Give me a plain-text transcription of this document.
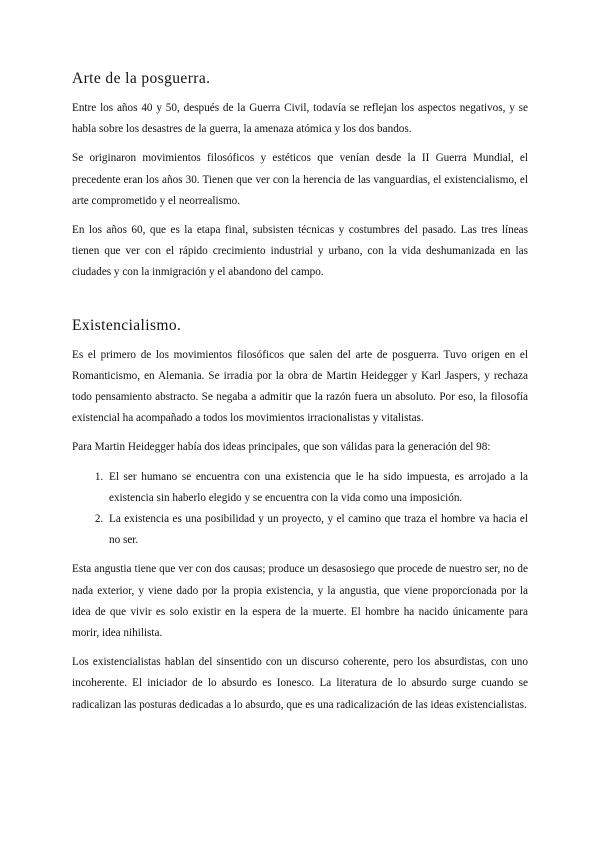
Arte de la posguerra.

Entre los años 40 y 50, después de la Guerra Civil, todavía se reflejan los aspectos negativos, y se habla sobre los desastres de la guerra, la amenaza atómica y los dos bandos.

Se originaron movimientos filosóficos y estéticos que venían desde la II Guerra Mundial, el precedente eran los años 30. Tienen que ver con la herencia de las vanguardias, el existencialismo, el arte comprometido y el neorrealismo.

En los años 60, que es la etapa final, subsisten técnicas y costumbres del pasado. Las tres líneas tienen que ver con el rápido crecimiento industrial y urbano, con la vida deshumanizada en las ciudades y con la inmigración y el abandono del campo.

Existencialismo.

Es el primero de los movimientos filosóficos que salen del arte de posguerra. Tuvo origen en el Romanticismo, en Alemania. Se irradia por la obra de Martin Heidegger y Karl Jaspers, y rechaza todo pensamiento abstracto. Se negaba a admitir que la razón fuera un absoluto. Por eso, la filosofía existencial ha acompañado a todos los movimientos irracionalistas y vitalistas.

Para Martin Heidegger había dos ideas principales, que son válidas para la generación del 98:

1. El ser humano se encuentra con una existencia que le ha sido impuesta, es arrojado a la existencia sin haberlo elegido y se encuentra con la vida como una imposición.
2. La existencia es una posibilidad y un proyecto, y el camino que traza el hombre va hacia el no ser.

Esta angustia tiene que ver con dos causas; produce un desasosiego que procede de nuestro ser, no de nada exterior, y viene dado por la propia existencia, y la angustia, que viene proporcionada por la idea de que vivir es solo existir en la espera de la muerte. El hombre ha nacido únicamente para morir, idea nihilista.

Los existencialistas hablan del sinsentido con un discurso coherente, pero los absurdistas, con uno incoherente. El iniciador de lo absurdo es Ionesco. La literatura de lo absurdo surge cuando se radicalizan las posturas dedicadas a lo absurdo, que es una radicalización de las ideas existencialistas.
